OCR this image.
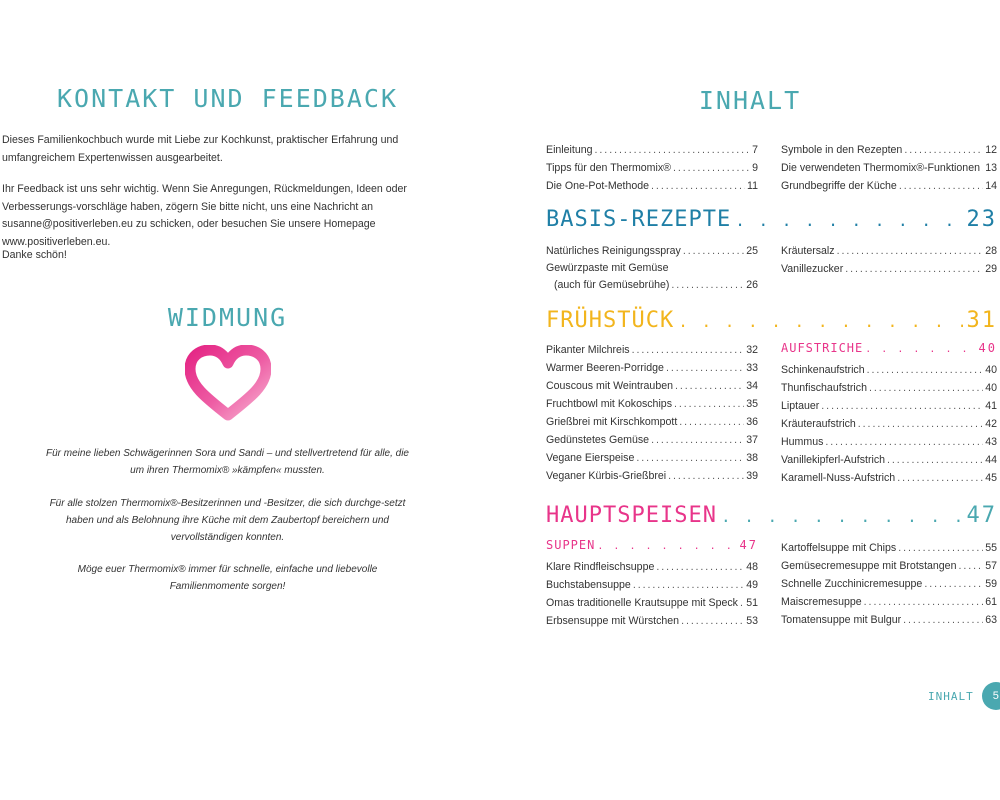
KONTAKT UND FEEDBACK

Dieses Familienkochbuch wurde mit Liebe zur Kochkunst, praktischer Erfahrung und umfangreichem Expertenwissen ausgearbeitet.

Ihr Feedback ist uns sehr wichtig. Wenn Sie Anregungen, Rückmeldungen, Ideen oder Verbesserungs-vorschläge haben, zögern Sie bitte nicht, uns eine Nachricht an susanne@positiverleben.eu zu schicken, oder besuchen Sie unsere Homepage www.positiverleben.eu.

Danke schön!

WIDMUNG

Für meine lieben Schwägerinnen Sora und Sandi – und stellvertretend für alle, die um ihren Thermomix® »kämpfen« mussten.

Für alle stolzen Thermomix®-Besitzerinnen und -Besitzer, die sich durchge-setzt haben und als Belohnung ihre Küche mit dem Zaubertopf bereichern und vervollständigen konnten.

Möge euer Thermomix® immer für schnelle, einfache und liebevolle Familienmomente sorgen!

INHALT
Einleitung . . .	7
Tipps für den Thermomix® . . .	9
Die One-Pot-Methode . . .	11
Symbole in den Rezepten . . .	12
Die verwendeten Thermomix®-Funktionen . . . 13
Grundbegriffe der Küche . . .	14
BASIS-REZEPTE . . .	23
Natürliches Reinigungsspray . . .	25
Gewürzpaste mit Gemüse
(auch für Gemüsebrühe) . . .	26
Kräutersalz . . .	28
Vanillezucker . . .	29
FRÜHSTÜCK . . .	31
Pikanter Milchreis . . .	32
Warmer Beeren-Porridge . . .	33
Couscous mit Weintrauben . . .	34
Fruchtbowl mit Kokoschips . . .	35
Grießbrei mit Kirschkompott . . .	36
Gedünstetes Gemüse . . .	37
Vegane Eierspeise . . .	38
Veganer Kürbis-Grießbrei . . .	39
AUFSTRICHE . . .	40
Schinkenaufstrich . . .	40
Thunfischaufstrich . . .	40
Liptauer . . .	41
Kräuteraufstrich . . .	42
Hummus . . .	43
Vanillekipferl-Aufstrich . . .	44
Karamell-Nuss-Aufstrich . . .	45
HAUPTSPEISEN . . .	47
SUPPEN . . .	47
Klare Rindfleischsuppe . . .	48
Buchstabensuppe . . .	49
Omas traditionelle Krautsuppe mit Speck . . . 51
Erbsensuppe mit Würstchen . . .	53
Kartoffelsuppe mit Chips . . .	55
Gemüsecremesuppe mit Brotstangen . . .	57
Schnelle Zucchinicremesuppe . . .	59
Maiscremesuppe . . .	61
Tomatensuppe mit Bulgur . . .	63
INHALT	5
